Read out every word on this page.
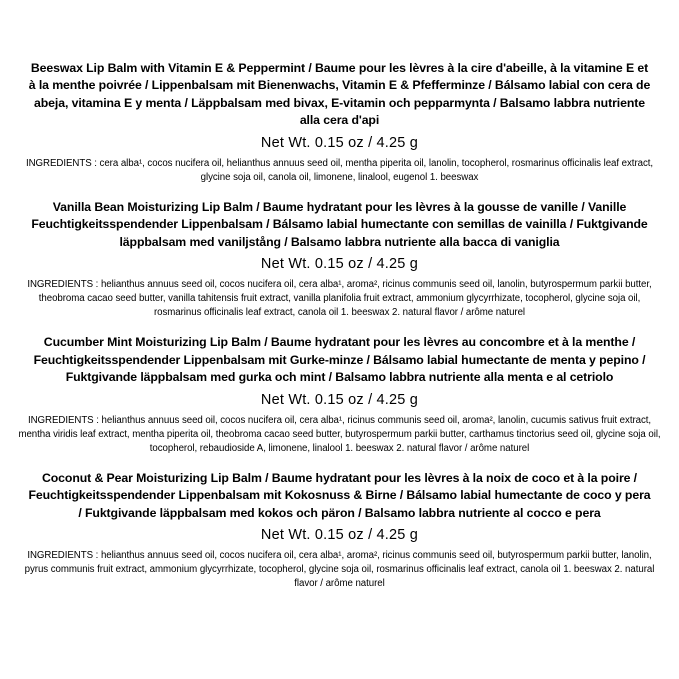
Beeswax Lip Balm with Vitamin E & Peppermint / Baume pour les lèvres à la cire d'abeille, à la vitamine E et à la menthe poivrée / Lippenbalsam mit Bienenwachs, Vitamin E & Pfefferminze / Bálsamo labial con cera de abeja, vitamina E y menta / Läppbalsam med bivax, E-vitamin och pepparmynta / Balsamo labbra nutriente alla cera d'api
Net Wt. 0.15 oz / 4.25 g
INGREDIENTS : cera alba¹, cocos nucifera oil, helianthus annuus seed oil, mentha piperita oil, lanolin, tocopherol, rosmarinus officinalis leaf extract, glycine soja oil, canola oil, limonene, linalool, eugenol 1. beeswax
Vanilla Bean Moisturizing Lip Balm / Baume hydratant pour les lèvres à la gousse de vanille / Vanille Feuchtigkeitsspendender Lippenbalsam / Bálsamo labial humectante con semillas de vainilla / Fuktgivande läppbalsam med vaniljstång / Balsamo labbra nutriente alla bacca di vaniglia
Net Wt. 0.15 oz / 4.25 g
INGREDIENTS : helianthus annuus seed oil, cocos nucifera oil, cera alba¹, aroma², ricinus communis seed oil, lanolin, butyrospermum parkii butter, theobroma cacao seed butter, vanilla tahitensis fruit extract, vanilla planifolia fruit extract, ammonium glycyrrhizate, tocopherol, glycine soja oil, rosmarinus officinalis leaf extract, canola oil 1. beeswax 2. natural flavor / arôme naturel
Cucumber Mint Moisturizing Lip Balm / Baume hydratant pour les lèvres au concombre et à la menthe / Feuchtigkeitsspendender Lippenbalsam mit Gurke-minze / Bálsamo labial humectante de menta y pepino / Fuktgivande läppbalsam med gurka och mint / Balsamo labbra nutriente alla menta e al cetriolo
Net Wt. 0.15 oz / 4.25 g
INGREDIENTS : helianthus annuus seed oil, cocos nucifera oil, cera alba¹, ricinus communis seed oil, aroma², lanolin, cucumis sativus fruit extract, mentha viridis leaf extract, mentha piperita oil, theobroma cacao seed butter, butyrospermum parkii butter, carthamus tinctorius seed oil, glycine soja oil, tocopherol, rebaudioside A, limonene, linalool 1. beeswax 2. natural flavor / arôme naturel
Coconut & Pear Moisturizing Lip Balm / Baume hydratant pour les lèvres à la noix de coco et à la poire / Feuchtigkeitsspendender Lippenbalsam mit Kokosnuss & Birne / Bálsamo labial humectante de coco y pera / Fuktgivande läppbalsam med kokos och päron / Balsamo labbra nutriente al cocco e pera
Net Wt. 0.15 oz / 4.25 g
INGREDIENTS : helianthus annuus seed oil, cocos nucifera oil, cera alba¹, aroma², ricinus communis seed oil, butyrospermum parkii butter, lanolin, pyrus communis fruit extract, ammonium glycyrrhizate, tocopherol, glycine soja oil, rosmarinus officinalis leaf extract, canola oil 1. beeswax 2. natural flavor / arôme naturel
